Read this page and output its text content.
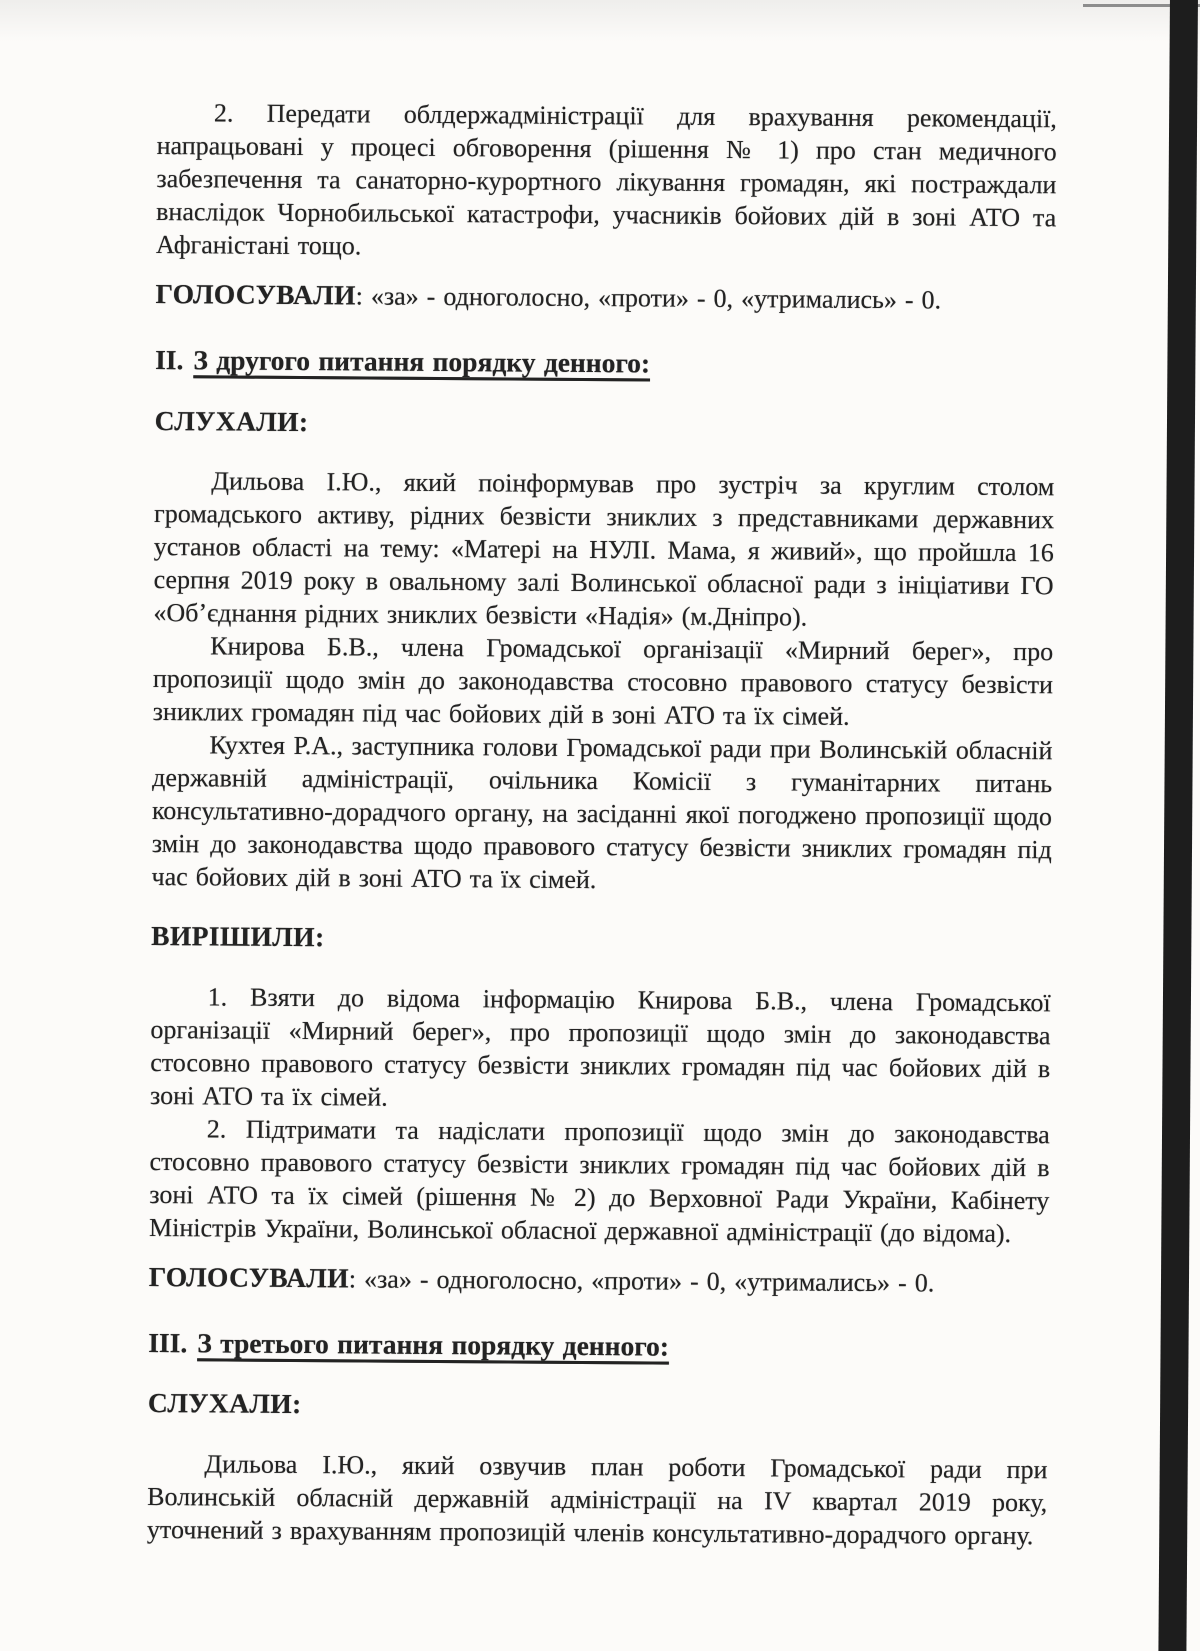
2. Передати облдержадміністрації для врахування рекомендації, напрацьовані у процесі обговорення (рішення № 1) про стан медичного забезпечення та санаторно-курортного лікування громадян, які постраждали внаслідок Чорнобильської катастрофи, учасників бойових дій в зоні АТО та Афганістані тощо.

ГОЛОСУВАЛИ: «за» - одноголосно, «проти» - 0, «утримались» - 0.

II. З другого питання порядку денного:

СЛУХАЛИ:

Дильова І.Ю., який поінформував про зустріч за круглим столом громадського активу, рідних безвісти зниклих з представниками державних установ області на тему: «Матері на НУЛІ. Мама, я живий», що пройшла 16 серпня 2019 року в овальному залі Волинської обласної ради з ініціативи ГО «Об’єднання рідних зниклих безвісти «Надія» (м.Дніпро).

Книрова Б.В., члена Громадської організації «Мирний берег», про пропозиції щодо змін до законодавства стосовно правового статусу безвісти зниклих громадян під час бойових дій в зоні АТО та їх сімей.

Кухтея Р.А., заступника голови Громадської ради при Волинській обласній державній адміністрації, очільника Комісії з гуманітарних питань консультативно-дорадчого органу, на засіданні якої погоджено пропозиції щодо змін до законодавства щодо правового статусу безвісти зниклих громадян під час бойових дій в зоні АТО та їх сімей.

ВИРІШИЛИ:

1. Взяти до відома інформацію Книрова Б.В., члена Громадської організації «Мирний берег», про пропозиції щодо змін до законодавства стосовно правового статусу безвісти зниклих громадян під час бойових дій в зоні АТО та їх сімей.

2. Підтримати та надіслати пропозиції щодо змін до законодавства стосовно правового статусу безвісти зниклих громадян під час бойових дій в зоні АТО та їх сімей (рішення № 2) до Верховної Ради України, Кабінету Міністрів України, Волинської обласної державної адміністрації (до відома).

ГОЛОСУВАЛИ: «за» - одноголосно, «проти» - 0, «утримались» - 0.

III. З третього питання порядку денного:

СЛУХАЛИ:

Дильова І.Ю., який озвучив план роботи Громадської ради при Волинській обласній державній адміністрації на IV квартал 2019 року, уточнений з врахуванням пропозицій членів консультативно-дорадчого органу.
